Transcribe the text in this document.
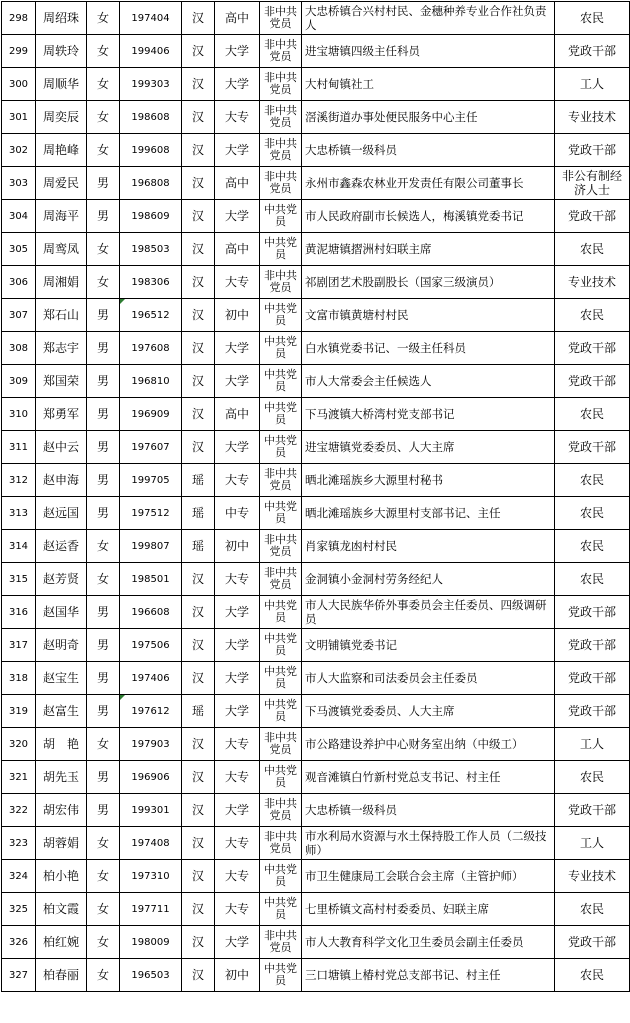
298	周绍珠	女	197404	汉	高中	非中共党员	大忠桥镇合兴村村民、金穗种养专业合作社负责人	农民
299	周轶玲	女	199406	汉	大学	非中共党员	进宝塘镇四级主任科员	党政干部
300	周顺华	女	199303	汉	大学	非中共党员	大村甸镇社工	工人
301	周奕辰	女	198608	汉	大专	非中共党员	滘溪街道办事处便民服务中心主任	专业技术
302	周艳峰	女	199608	汉	大学	非中共党员	大忠桥镇一级科员	党政干部
303	周爱民	男	196808	汉	高中	非中共党员	永州市鑫森农林业开发责任有限公司董事长	非公有制经济人士
304	周海平	男	198609	汉	大学	中共党员	市人民政府副市长候选人，梅溪镇党委书记	党政干部
305	周鸾凤	女	198503	汉	高中	中共党员	黄泥塘镇摺洲村妇联主席	农民
306	周湘娟	女	198306	汉	大专	非中共党员	祁剧团艺术股副股长（国家三级演员）	专业技术
307	郑石山	男	196512	汉	初中	中共党员	文富市镇黄塘村村民	农民
308	郑志宇	男	197608	汉	大学	中共党员	白水镇党委书记、一级主任科员	党政干部
309	郑国荣	男	196810	汉	大学	中共党员	市人大常委会主任候选人	党政干部
310	郑勇军	男	196909	汉	高中	中共党员	下马渡镇大桥湾村党支部书记	农民
311	赵中云	男	197607	汉	大学	中共党员	进宝塘镇党委委员、人大主席	党政干部
312	赵申海	男	199705	瑶	大专	非中共党员	晒北滩瑶族乡大源里村秘书	农民
313	赵远国	男	197512	瑶	中专	中共党员	晒北滩瑶族乡大源里村支部书记、主任	农民
314	赵运香	女	199807	瑶	初中	非中共党员	肖家镇龙凼村村民	农民
315	赵芳贤	女	198501	汉	大专	非中共党员	金洞镇小金洞村劳务经纪人	农民
316	赵国华	男	196608	汉	大学	中共党员	市人大民族华侨外事委员会主任委员、四级调研员	党政干部
317	赵明奇	男	197506	汉	大学	中共党员	文明铺镇党委书记	党政干部
318	赵宝生	男	197406	汉	大学	中共党员	市人大监察和司法委员会主任委员	党政干部
319	赵富生	男	197612	瑶	大学	中共党员	下马渡镇党委委员、人大主席	党政干部
320	胡　艳	女	197903	汉	大专	非中共党员	市公路建设养护中心财务室出纳（中级工）	工人
321	胡先玉	男	196906	汉	大专	中共党员	观音滩镇白竹新村党总支书记、村主任	农民
322	胡宏伟	男	199301	汉	大学	非中共党员	大忠桥镇一级科员	党政干部
323	胡蓉娟	女	197408	汉	大专	非中共党员	市水利局水资源与水土保持股工作人员（二级技师）	工人
324	柏小艳	女	197310	汉	大专	中共党员	市卫生健康局工会联合会主席（主管护师）	专业技术
325	柏文霞	女	197711	汉	大专	中共党员	七里桥镇文高村村委委员、妇联主席	农民
326	柏红婉	女	198009	汉	大学	非中共党员	市人大教育科学文化卫生委员会副主任委员	党政干部
327	柏春丽	女	196503	汉	初中	中共党员	三口塘镇上椿村党总支部书记、村主任	农民
